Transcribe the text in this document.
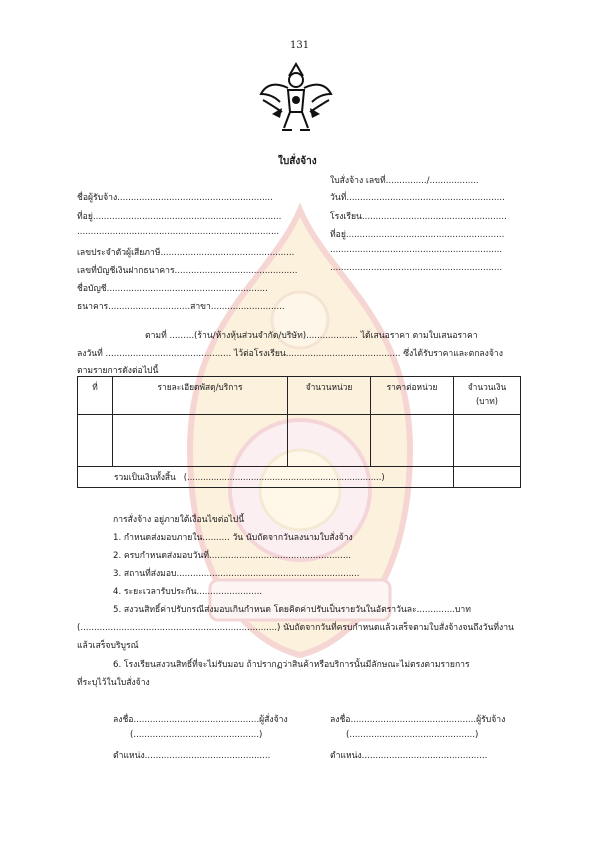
131
ใบสั่งจ้าง
ใบสั่งจ้าง เลขที่.............../..................
วันที่..........................................................
โรงเรียน.....................................................
ที่อยู่..........................................................
...............................................................
...............................................................
ชื่อผู้รับจ้าง.........................................................
ที่อยู่.....................................................................
..........................................................................
เลขประจำตัวผู้เสียภาษี.................................................
เลขที่บัญชีเงินฝากธนาคาร.............................................
ชื่อบัญชี...........................................................
ธนาคาร..............................สาขา...........................
ตามที่ .........(ร้าน/ห้างหุ้นส่วนจำกัด/บริษัท)................... ได้เสนอราคา ตามใบเสนอราคา
ลงวันที่ .............................................. ไว้ต่อโรงเรียน.......................................... ซึ่งได้รับราคาและตกลงจ้าง
ตามรายการดังต่อไปนี้
ที่	รายละเอียดพัสดุ/บริการ	จำนวนหน่วย	ราคาต่อหน่วย	จำนวนเงิน
(บาท)

รวมเป็นเงินทั้งสิ้น (.........................................................................)				
การสั่งจ้าง อยู่ภายใต้เงื่อนไขต่อไปนี้
1. กำหนดส่งมอบภายใน.......... วัน นับถัดจากวันลงนามใบสั่งจ้าง
2. ครบกำหนดส่งมอบวันที่....................................................
3. สถานที่ส่งมอบ...................................................................
4. ระยะเวลารับประกัน........................
5. สงวนสิทธิ์ค่าปรับกรณีส่งมอบเกินกำหนด โดยคิดค่าปรับเป็นรายวันในอัตราวันละ..............บาท
(........................................................................) นับถัดจากวันที่ครบกำหนดแล้วเสร็จตามใบสั่งจ้างจนถึงวันที่งาน
แล้วเสร็จบริบูรณ์
6. โรงเรียนสงวนสิทธิ์ที่จะไม่รับมอบ ถ้าปรากฏว่าสินค้าหรือบริการนั้นมีลักษณะไม่ตรงตามรายการ
ที่ระบุไว้ในใบสั่งจ้าง
ลงชื่อ..............................................ผู้สั่งจ้าง
(..............................................)
ตำแหน่ง..............................................
ลงชื่อ..............................................ผู้รับจ้าง
(..............................................)
ตำแหน่ง..............................................
